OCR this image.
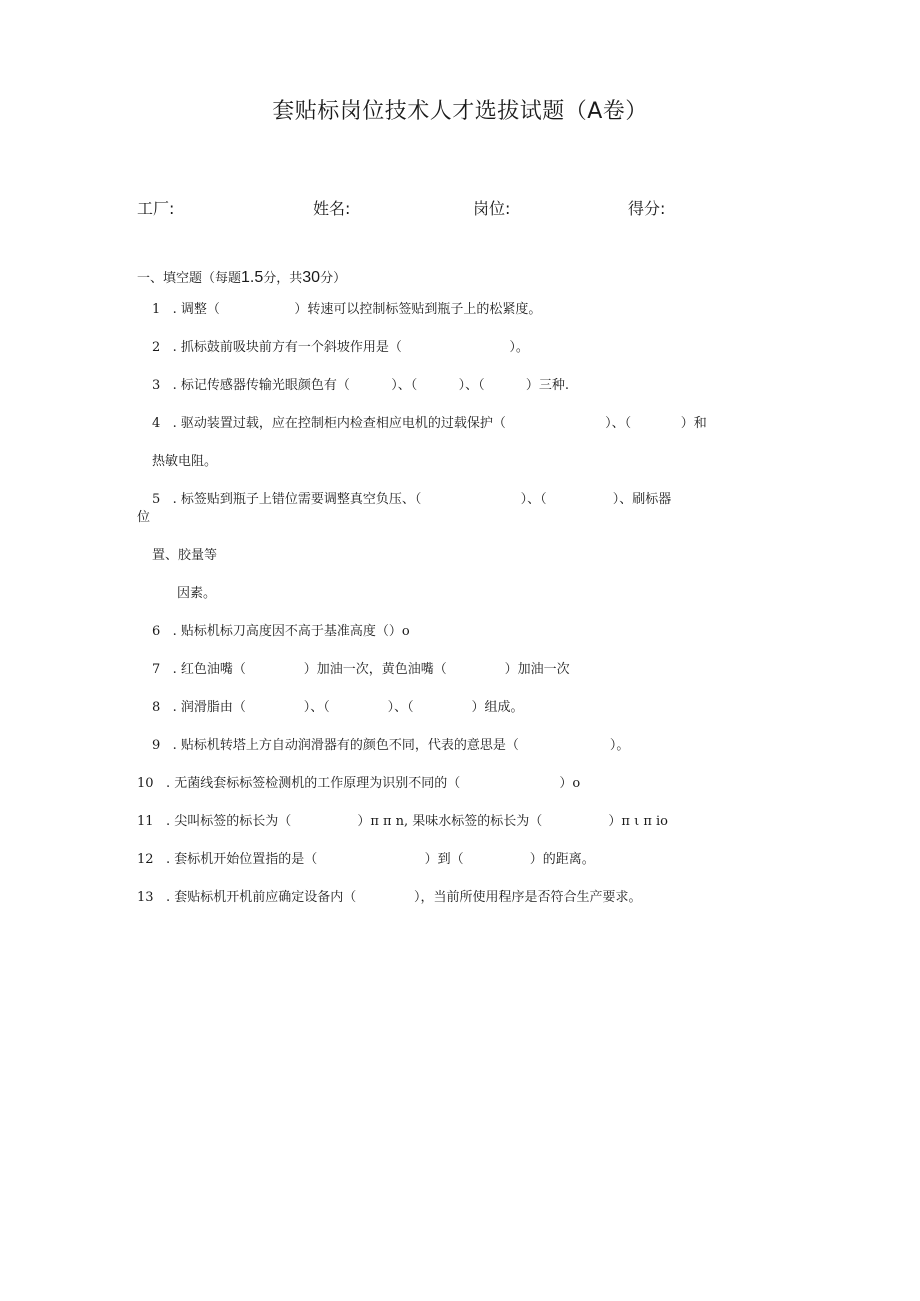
套贴标岗位技术人才选拔试题（A卷）
工厂:	姓名:	岗位:	得分:
一、填空题（每题1.5分，共30分）
1   . 调整（                  ）转速可以控制标签贴到瓶子上的松紧度。
2   . 抓标鼓前吸块前方有一个斜坡作用是（                          ）。
3   . 标记传感器传输光眼颜色有（          ）、（          ）、（          ）三种.
4   . 驱动装置过载，应在控制柜内检查相应电机的过载保护（                        ）、（            ）和
热敏电阻。
5   . 标签贴到瓶子上错位需要调整真空负压、（                        ）、（                ）、刷标器
位
置、胶量等
因素。
6   . 贴标机标刀高度因不高于基准高度（）o
7   . 红色油嘴（              ）加油一次，黄色油嘴（              ）加油一次
8   . 润滑脂由（              ）、（              ）、（              ）组成。
9   . 贴标机转塔上方自动润滑器有的颜色不同，代表的意思是（                      ）。
10   . 无菌线套标标签检测机的工作原理为识别不同的（                        ）o
11   . 尖叫标签的标长为（                ）π π n, 果味水标签的标长为（                ）π ι π io
12   . 套标机开始位置指的是（                          ）到（                ）的距离。
13   . 套贴标机开机前应确定设备内（              ），当前所使用程序是否符合生产要求。
